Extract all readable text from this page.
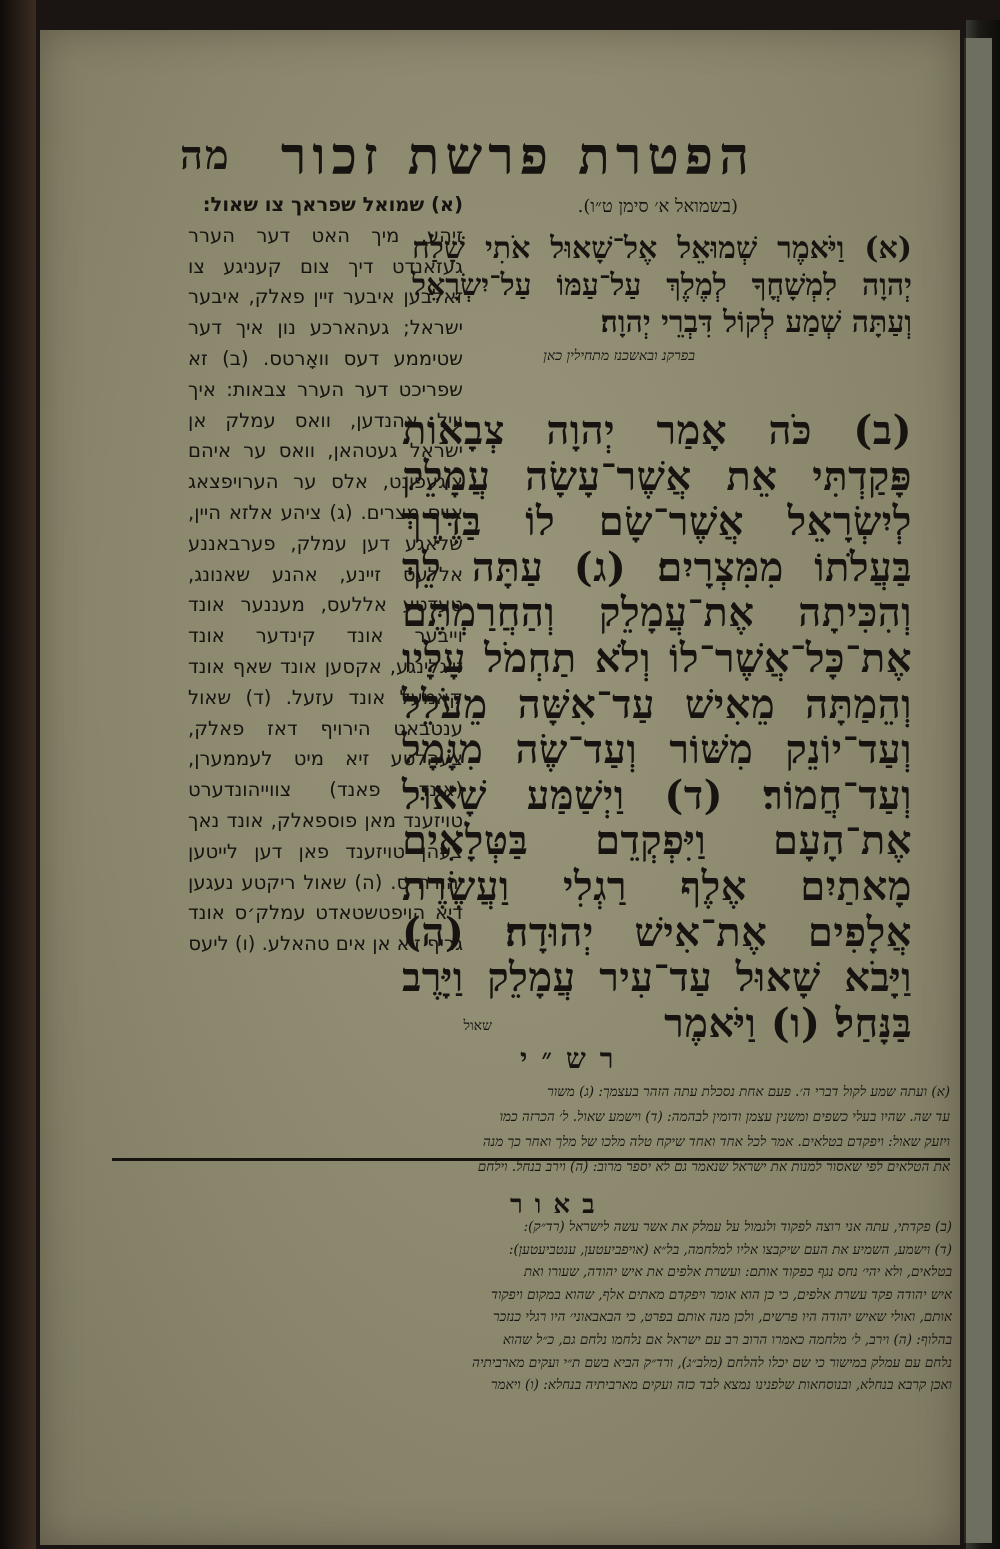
מה הפטרת פרשת זכור
(א) שמואל שפראך צו שאול:
זיהע, מיך האט דער הערר געזאנדט דיך צום קעניגע צו זאלבען איבער זיין פאלק, איבער ישראל; געהארכע נון איך דער שטיממע דעס וואָרטס. (ב) זא שפריכט דער הערר צבאות: איך וויל אהנדען, וואס עמלק אן ישראל געטהאן, וואס ער איהם צוגעפינט, אלס ער הערויפצאג אויס מצרים. (ג) ציהע אלזא היין, שלאגע דען עמלק, פערבאננע אללעס זיינע, אהנע שאנונג, טעדטע אללעס, מעננער אונד וייבער אונד קינדער אונד זייגלינגע, אקסען אונד שאף אונד קאמעל אונד עזעל. (ד) שאול ענטבאט הירויף דאז פאלק, צעהלטע זיא מיט לעממערן, (אונד פאנד) צווייהונדערט טויזענד מאן פוספאלק, אונד נאך צעהן טויזענד פאן דען לייטען יהודה׳ס. (ה) שאול ריקטע נעגען דיא הויפטשטאדט עמלק׳ס אונד גריף זיא אן אים טהאלע. (ו) ליעס
(בשמואל א׳ סימן ט״ו).
(א) וַיֹּאמֶר שְׁמוּאֵל אֶל־שָׁאוּל אֹתִי שָׁלַח יְהוָה לִמְשָׁחֳךָ לְמֶלֶךְ עַל־עַמּוֹ עַל־יִשְׂרָאֵל וְעַתָּה שְׁמַע לְקוֹל דִּבְרֵי יְהוָה׃
בפרקנ ובאשכנז מתחילין כאן
(ב) כֹּה אָמַר יְהוָה צְבָאוֹת פָּקַדְתִּי אֵת אֲשֶׁר־עָשָׂה עֲמָלֵק לְיִשְׂרָאֵל אֲשֶׁר־שָׂם לוֹ בַּדֶּרֶךְ בַּעֲלֹתוֹ מִמִּצְרָיִם׃ (ג) עַתָּה לֵךְ וְהִכִּיתָה אֶת־עֲמָלֵק וְהַחֲרַמְתֶּם אֶת־כָּל־אֲשֶׁר־לוֹ וְלֹא תַחְמֹל עָלָיו וְהֵמַתָּה מֵאִישׁ עַד־אִשָּׁה מֵעֹלֵל וְעַד־יוֹנֵק מִשּׁוֹר וְעַד־שֶׂה מִגָּמָל וְעַד־חֲמוֹר׃ (ד) וַיְשַׁמַּע שָׁאוּל אֶת־הָעָם וַיִּפְקְדֵם בַּטְּלָאִים מָאתַיִם אֶלֶף רַגְלִי וַעֲשֶׂרֶת אֲלָפִים אֶת־אִישׁ יְהוּדָה׃ (ה) וַיָּבֹא שָׁאוּל עַד־עִיר עֲמָלֵק וַיָּרֶב בַּנָּחַל׃ (ו) וַיֹּאמֶר
שאול
רש״י
(א) ועתה שמע לקול דברי ה׳. פעם אחת נסכלת עתה הזהר בעצמך: (ג) משור
עד שה. שהיו בעלי כשפים ומשנין עצמן ודומין לבהמה: (ד) וישמע שאול. ל׳ הכרזה כמו
ויזעק שאול: ויפקדם בטלאים. אמר לכל אחד ואחד שיקח טלה מלכו של מלך ואחר כך מנה
את הטלאים לפי שאסור למנות את ישראל שנאמר גם לא יספר מרוב: (ה) וירב בנחל. וילחם
באור
(ב) פקדתי, עתה אני רוצה לפקוד ולגמול על עמלק את אשר עשה לישראל (רד״ק):
(ד) וישמע, השמיע את העם שיקבצו אליו למלחמה, בל״א (אויפביעטען, ענטביעטען):
בטלאים, ולא יהי׳ נחס נגף כפקוד אותם: ועשרת אלפים את איש יהודה, שעורו ואת
איש יהודה פקד עשרת אלפים, כי כן הוא אומר ויפקדם מאתים אלף, שהוא במקום ויפקוד
אותם, ואולי שאיש יהודה היו פרשים, ולכן מנה אותם בפרט, כי הבאבאוני׳ היו רגלי כנזכר
בהלוף: (ה) וירב, ל׳ מלחמה כאמרו הרוב רב עם ישראל אם נלחמו נלחם גם, כ״ל שהוא
נלחם עם עמלק במישור כי שם יכלו להלחם (מלב״ג), ורד״ק הביא בשם ת״י ועקים מארביתיה
ואכן קרבא בנחלא, ובנוסחאות שלפנינו נמצא לבד כזה ועקים מארביתיה בנחלא: (ו) ויאמר
